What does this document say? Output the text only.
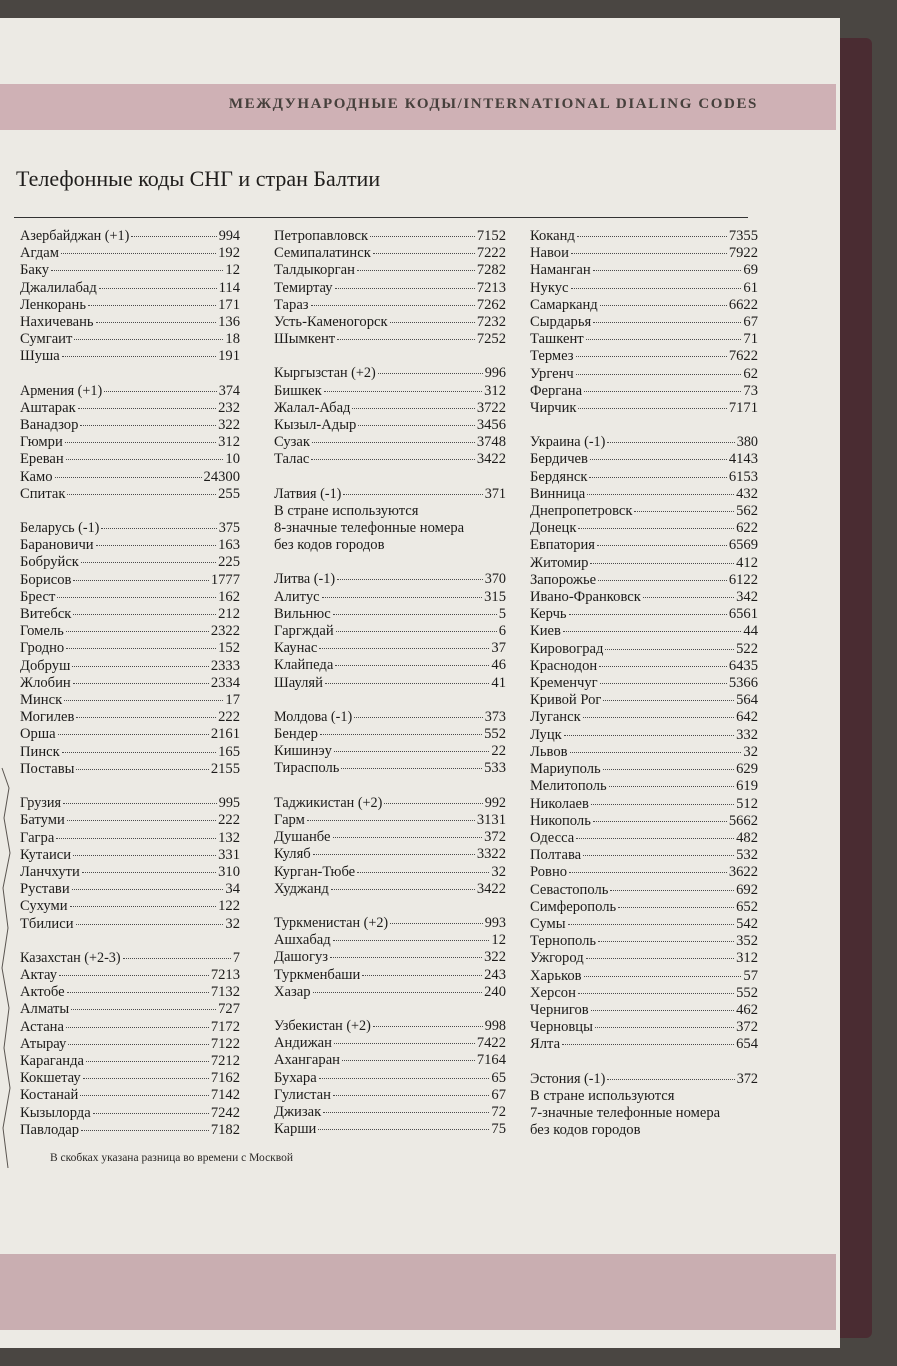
МЕЖДУНАРОДНЫЕ КОДЫ/INTERNATIONAL DIALING CODES
Телефонные коды СНГ и стран Балтии
Азербайджан (+1)	994
Агдам	192
Баку	12
Джалилабад	114
Ленкорань	171
Нахичевань	136
Сумгаит	18
Шуша	191
Армения (+1)	374
Аштарак	232
Ванадзор	322
Гюмри	312
Ереван	10
Камо	24300
Спитак	255
Беларусь (-1)	375
Барановичи	163
Бобруйск	225
Борисов	1777
Брест	162
Витебск	212
Гомель	2322
Гродно	152
Добруш	2333
Жлобин	2334
Минск	17
Могилев	222
Орша	2161
Пинск	165
Поставы	2155
Грузия	995
Батуми	222
Гагра	132
Кутаиси	331
Ланчхути	310
Рустави	34
Сухуми	122
Тбилиси	32
Казахстан (+2-3)	7
Актау	7213
Актобе	7132
Алматы	727
Астана	7172
Атырау	7122
Караганда	7212
Кокшетау	7162
Костанай	7142
Кызылорда	7242
Павлодар	7182
Петропавловск	7152
Семипалатинск	7222
Талдыкорган	7282
Темиртау	7213
Тараз	7262
Усть-Каменогорск	7232
Шымкент	7252
Кыргызстан (+2)	996
Бишкек	312
Жалал-Абад	3722
Кызыл-Адыр	3456
Сузак	3748
Талас	3422
Латвия (-1)	371
В стране используются
8-значные телефонные номера
без кодов городов
Литва (-1)	370
Алитус	315
Вильнюс	5
Гаргждай	6
Каунас	37
Клайпеда	46
Шауляй	41
Молдова (-1)	373
Бендер	552
Кишинэу	22
Тирасполь	533
Таджикистан (+2)	992
Гарм	3131
Душанбе	372
Куляб	3322
Курган-Тюбе	32
Худжанд	3422
Туркменистан (+2)	993
Ашхабад	12
Дашогуз	322
Туркменбаши	243
Хазар	240
Узбекистан (+2)	998
Андижан	7422
Ахангаран	7164
Бухара	65
Гулистан	67
Джизак	72
Карши	75
Коканд	7355
Навои	7922
Наманган	69
Нукус	61
Самарканд	6622
Сырдарья	67
Ташкент	71
Термез	7622
Ургенч	62
Фергана	73
Чирчик	7171
Украина (-1)	380
Бердичев	4143
Бердянск	6153
Винница	432
Днепропетровск	562
Донецк	622
Евпатория	6569
Житомир	412
Запорожье	6122
Ивано-Франковск	342
Керчь	6561
Киев	44
Кировоград	522
Краснодон	6435
Кременчуг	5366
Кривой Рог	564
Луганск	642
Луцк	332
Львов	32
Мариуполь	629
Мелитополь	619
Николаев	512
Никополь	5662
Одесса	482
Полтава	532
Ровно	3622
Севастополь	692
Симферополь	652
Сумы	542
Тернополь	352
Ужгород	312
Харьков	57
Херсон	552
Чернигов	462
Черновцы	372
Ялта	654
Эстония (-1)	372
В стране используются
7-значные телефонные номера
без кодов городов
В скобках указана разница во времени с Москвой
